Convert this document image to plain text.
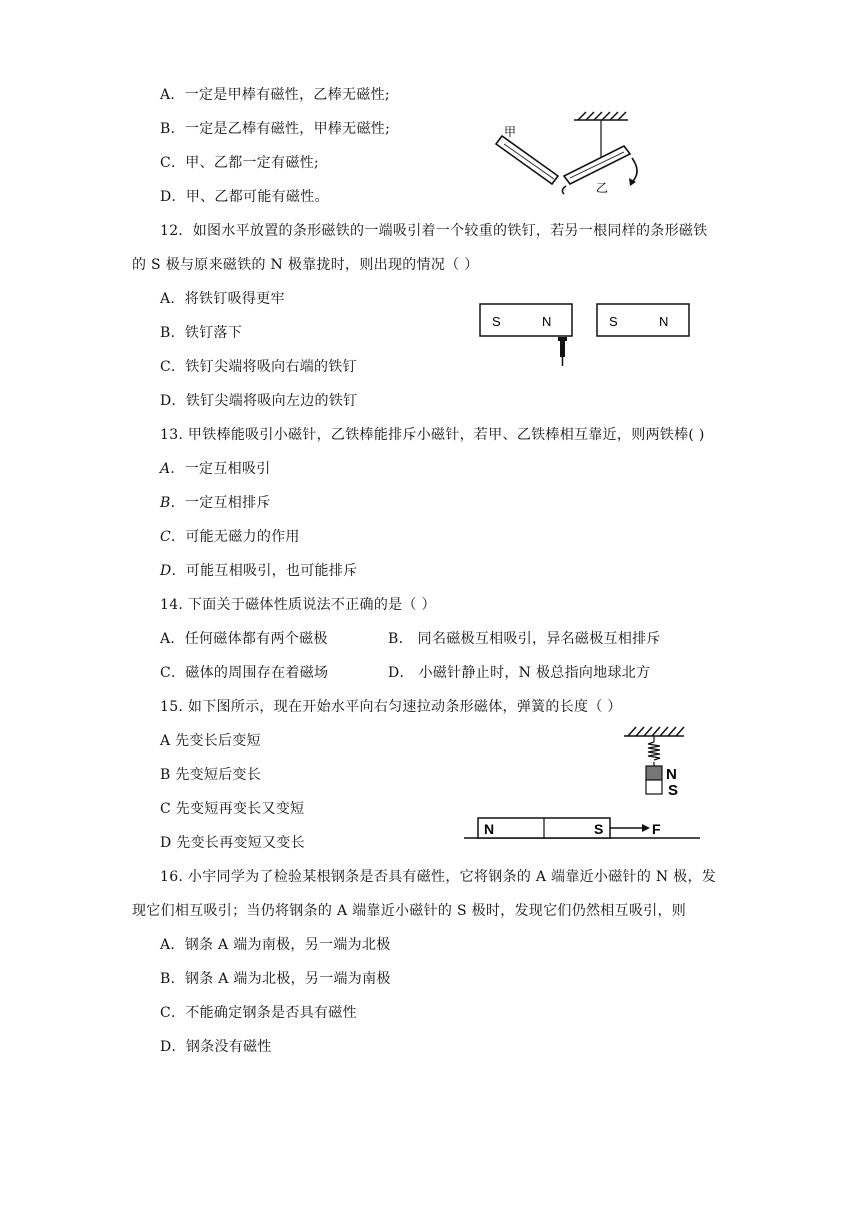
A．一定是甲棒有磁性，乙棒无磁性;
B．一定是乙棒有磁性，甲棒无磁性;
C．甲、乙都一定有磁性;
D．甲、乙都可能有磁性。
甲
乙
12．如图水平放置的条形磁铁的一端吸引着一个较重的铁钉，若另一根同样的条形磁铁
的 S 极与原来磁铁的 N 极靠拢时，则出现的情况（ ）
A．将铁钉吸得更牢
B．铁钉落下
C．铁钉尖端将吸向右端的铁钉
D．铁钉尖端将吸向左边的铁钉
S	N	S	N
13. 甲铁棒能吸引小磁针，乙铁棒能排斥小磁针，若甲、乙铁棒相互靠近，则两铁棒( )
A．一定互相吸引
B．一定互相排斥
C．可能无磁力的作用
D．可能互相吸引，也可能排斥
14. 下面关于磁体性质说法不正确的是（ ）
A．任何磁体都有两个磁极	B． 同名磁极互相吸引，异名磁极互相排斥
C．磁体的周围存在着磁场	D． 小磁针静止时，N 极总指向地球北方
15. 如下图所示，现在开始水平向右匀速拉动条形磁体，弹簧的长度（ ）
A 先变长后变短
B 先变短后变长
C 先变短再变长又变短
D 先变长再变短又变长
N
S
N	S	F
16. 小宇同学为了检验某根钢条是否具有磁性，它将钢条的 A 端靠近小磁针的 N 极，发
现它们相互吸引；当仍将钢条的 A 端靠近小磁针的 S 极时，发现它们仍然相互吸引，则
A．钢条 A 端为南极，另一端为北极
B．钢条 A 端为北极，另一端为南极
C．不能确定钢条是否具有磁性
D．钢条没有磁性
